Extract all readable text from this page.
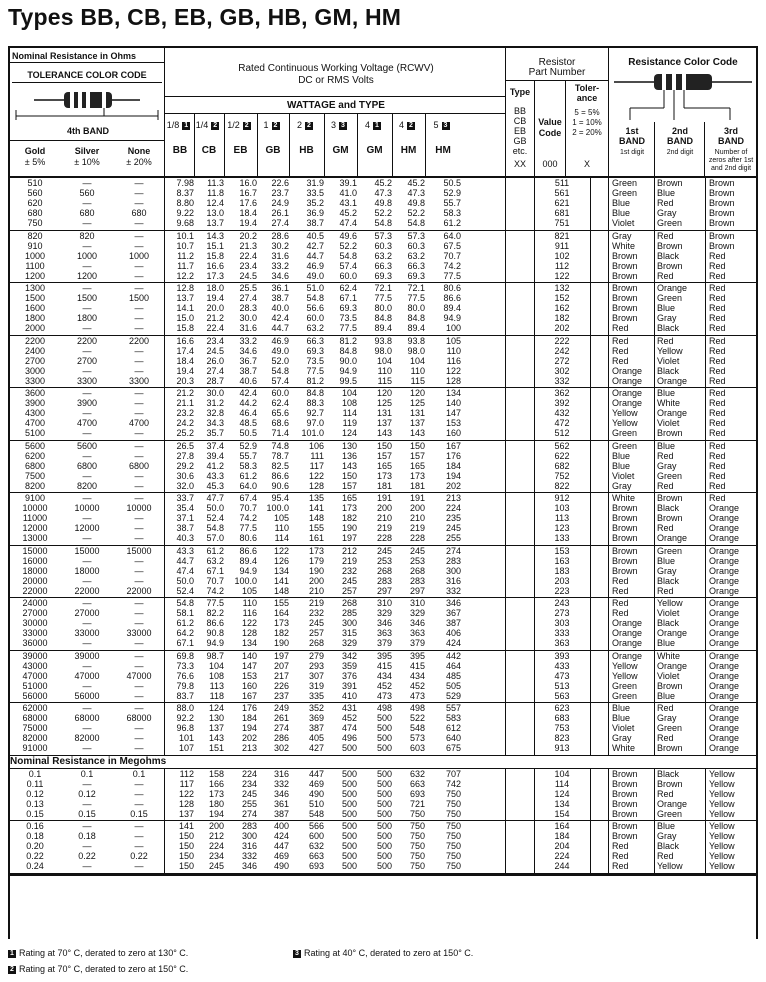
Types BB, CB, EB, GB, HB, GM, HM
Nominal Resistance in Ohms
TOLERANCE COLOR CODE
4th BAND
Gold
± 5%
Silver
± 10%
None
± 20%
Rated Continuous Working Voltage (RCWV)
DC or RMS Volts
WATTAGE and TYPE
1/8 1
BB
1/4 2
CB
1/2 2
EB
1 2
GB
2 2
HB
3 3
GM
4 1
GM
4 2
HM
5 3
HM
Resistor
Part Number
Type
BB
CB
EB
GB
etc.
XX
Value
Code
000
Toler-
ance
5 = 5%
1 = 10%
2 = 20%
X
Resistance Color Code
1st
BAND
1st digit
2nd
BAND
2nd digit
3rd
BAND
Number of zeros after 1st and 2nd digit
510	—	—	7.98	11.3	16.0	22.6	31.9	39.1	45.2	45.2	50.5	511	Green	Brown	Brown
560	560	—	8.37	11.8	16.7	23.7	33.5	41.0	47.3	47.3	52.9	561	Green	Blue	Brown
620	—	—	8.80	12.4	17.6	24.9	35.2	43.1	49.8	49.8	55.7	621	Blue	Red	Brown
680	680	680	9.22	13.0	18.4	26.1	36.9	45.2	52.2	52.2	58.3	681	Blue	Gray	Brown
750	—	—	9.68	13.7	19.4	27.4	38.7	47.4	54.8	54.8	61.2	751	Violet	Green	Brown
820	820	—	10.1	14.3	20.2	28.6	40.5	49.6	57.3	57.3	64.0	821	Gray	Red	Brown
910	—	—	10.7	15.1	21.3	30.2	42.7	52.2	60.3	60.3	67.5	911	White	Brown	Brown
1000	1000	1000	11.2	15.8	22.4	31.6	44.7	54.8	63.2	63.2	70.7	102	Brown	Black	Red
1100	—	—	11.7	16.6	23.4	33.2	46.9	57.4	66.3	66.3	74.2	112	Brown	Brown	Red
1200	1200	—	12.2	17.3	24.5	34.6	49.0	60.0	69.3	69.3	77.5	122	Brown	Red	Red
1300	—	—	12.8	18.0	25.5	36.1	51.0	62.4	72.1	72.1	80.6	132	Brown	Orange	Red
1500	1500	1500	13.7	19.4	27.4	38.7	54.8	67.1	77.5	77.5	86.6	152	Brown	Green	Red
1600	—	—	14.1	20.0	28.3	40.0	56.6	69.3	80.0	80.0	89.4	162	Brown	Blue	Red
1800	1800	—	15.0	21.2	30.0	42.4	60.0	73.5	84.8	84.8	94.9	182	Brown	Gray	Red
2000	—	—	15.8	22.4	31.6	44.7	63.2	77.5	89.4	89.4	100	202	Red	Black	Red
2200	2200	2200	16.6	23.4	33.2	46.9	66.3	81.2	93.8	93.8	105	222	Red	Red	Red
2400	—	—	17.4	24.5	34.6	49.0	69.3	84.8	98.0	98.0	110	242	Red	Yellow	Red
2700	2700	—	18.4	26.0	36.7	52.0	73.5	90.0	104	104	116	272	Red	Violet	Red
3000	—	—	19.4	27.4	38.7	54.8	77.5	94.9	110	110	122	302	Orange	Black	Red
3300	3300	3300	20.3	28.7	40.6	57.4	81.2	99.5	115	115	128	332	Orange	Orange	Red
3600	—	—	21.2	30.0	42.4	60.0	84.8	104	120	120	134	362	Orange	Blue	Red
3900	3900	—	21.1	31.2	44.2	62.4	88.3	108	125	125	140	392	Orange	White	Red
4300	—	—	23.2	32.8	46.4	65.6	92.7	114	131	131	147	432	Yellow	Orange	Red
4700	4700	4700	24.2	34.3	48.5	68.6	97.0	119	137	137	153	472	Yellow	Violet	Red
5100	—	—	25.2	35.7	50.5	71.4	101.0	124	143	143	160	512	Green	Brown	Red
5600	5600	—	26.5	37.4	52.9	74.8	106	130	150	150	167	562	Green	Blue	Red
6200	—	—	27.8	39.4	55.7	78.7	111	136	157	157	176	622	Blue	Red	Red
6800	6800	6800	29.2	41.2	58.3	82.5	117	143	165	165	184	682	Blue	Gray	Red
7500	—	—	30.6	43.3	61.2	86.6	122	150	173	173	194	752	Violet	Green	Red
8200	8200	—	32.0	45.3	64.0	90.6	128	157	181	181	202	822	Gray	Red	Red
9100	—	—	33.7	47.7	67.4	95.4	135	165	191	191	213	912	White	Brown	Red
10000	10000	10000	35.4	50.0	70.7	100.0	141	173	200	200	224	103	Brown	Black	Orange
11000	—	—	37.1	52.4	74.2	105	148	182	210	210	235	113	Brown	Brown	Orange
12000	12000	—	38.7	54.8	77.5	110	155	190	219	219	245	123	Brown	Red	Orange
13000	—	—	40.3	57.0	80.6	114	161	197	228	228	255	133	Brown	Orange	Orange
15000	15000	15000	43.3	61.2	86.6	122	173	212	245	245	274	153	Brown	Green	Orange
16000	—	—	44.7	63.2	89.4	126	179	219	253	253	283	163	Brown	Blue	Orange
18000	18000	—	47.4	67.1	94.9	134	190	232	268	268	300	183	Brown	Gray	Orange
20000	—	—	50.0	70.7	100.0	141	200	245	283	283	316	203	Red	Black	Orange
22000	22000	22000	52.4	74.2	105	148	210	257	297	297	332	223	Red	Red	Orange
24000	—	—	54.8	77.5	110	155	219	268	310	310	346	243	Red	Yellow	Orange
27000	27000	—	58.1	82.2	116	164	232	285	329	329	367	273	Red	Violet	Orange
30000	—	—	61.2	86.6	122	173	245	300	346	346	387	303	Orange	Black	Orange
33000	33000	33000	64.2	90.8	128	182	257	315	363	363	406	333	Orange	Orange	Orange
36000	—	—	67.1	94.9	134	190	268	329	379	379	424	363	Orange	Blue	Orange
39000	39000	—	69.8	98.7	140	197	279	342	395	395	442	393	Orange	White	Orange
43000	—	—	73.3	104	147	207	293	359	415	415	464	433	Yellow	Orange	Orange
47000	47000	47000	76.6	108	153	217	307	376	434	434	485	473	Yellow	Violet	Orange
51000	—	—	79.8	113	160	226	319	391	452	452	505	513	Green	Brown	Orange
56000	56000	—	83.7	118	167	237	335	410	473	473	529	563	Green	Blue	Orange
62000	—	—	88.0	124	176	249	352	431	498	498	557	623	Blue	Red	Orange
68000	68000	68000	92.2	130	184	261	369	452	500	522	583	683	Blue	Gray	Orange
75000	—	—	96.8	137	194	274	387	474	500	548	612	753	Violet	Green	Orange
82000	82000	—	101	143	202	286	405	496	500	573	640	823	Gray	Red	Orange
91000	—	—	107	151	213	302	427	500	500	603	675	913	White	Brown	Orange
Nominal Resistance in Megohms
0.1	0.1	0.1	112	158	224	316	447	500	500	632	707	104	Brown	Black	Yellow
0.11	—	—	117	166	234	332	469	500	500	663	742	114	Brown	Brown	Yellow
0.12	0.12	—	122	173	245	346	490	500	500	693	750	124	Brown	Red	Yellow
0.13	—	—	128	180	255	361	510	500	500	721	750	134	Brown	Orange	Yellow
0.15	0.15	0.15	137	194	274	387	548	500	500	750	750	154	Brown	Green	Yellow
0.16	—	—	141	200	283	400	566	500	500	750	750	164	Brown	Blue	Yellow
0.18	0.18	—	150	212	300	424	600	500	500	750	750	184	Brown	Gray	Yellow
0.20	—	—	150	224	316	447	632	500	500	750	750	204	Red	Black	Yellow
0.22	0.22	0.22	150	234	332	469	663	500	500	750	750	224	Red	Red	Yellow
0.24	—	—	150	245	346	490	693	500	500	750	750	244	Red	Yellow	Yellow
1 Rating at 70° C, derated to zero at 130° C.
2 Rating at 70° C, derated to zero at 150° C.
3 Rating at 40° C, derated to zero at 150° C.
